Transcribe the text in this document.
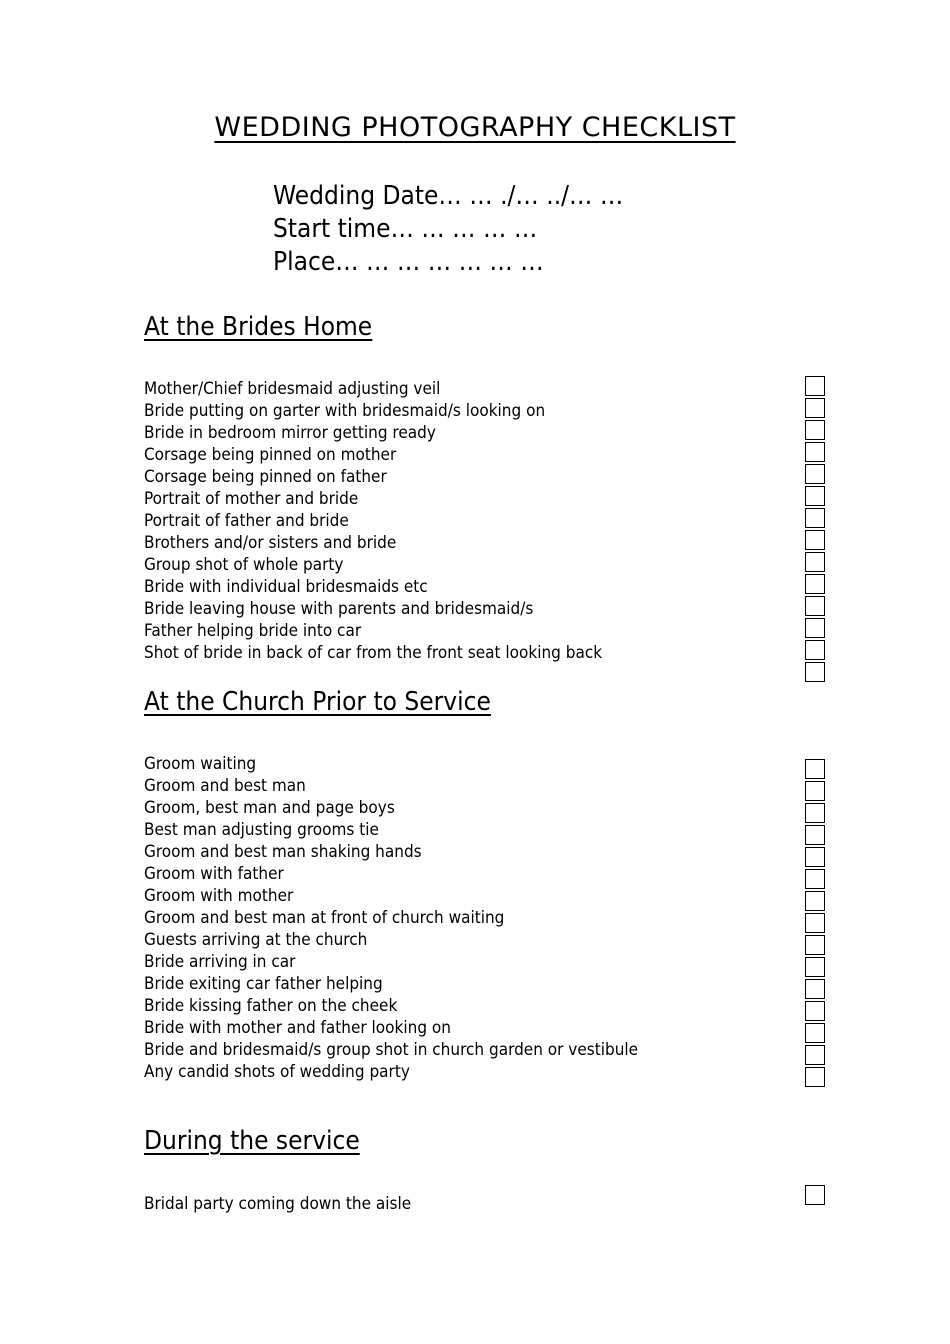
WEDDING PHOTOGRAPHY CHECKLIST
Wedding Date… … ./… ../… …
Start time… … … … …
Place… … … … … … …
At the Brides Home
Mother/Chief bridesmaid adjusting veil
Bride putting on garter with bridesmaid/s looking on
Bride in bedroom mirror getting ready
Corsage being pinned on mother
Corsage being pinned on father
Portrait of mother and bride
Portrait of father and bride
Brothers and/or sisters and bride
Group shot of whole party
Bride with individual bridesmaids etc
Bride leaving house with parents and bridesmaid/s
Father helping bride into car
Shot of bride in back of car from the front seat looking back
At the Church Prior to Service
Groom waiting
Groom and best man
Groom, best man and page boys
Best man adjusting grooms tie
Groom and best man shaking hands
Groom with father
Groom with mother
Groom and best man at front of church waiting
Guests arriving at the church
Bride arriving in car
Bride exiting car father helping
Bride kissing father on the cheek
Bride with mother and father looking on
Bride and bridesmaid/s group shot in church garden or vestibule
Any candid shots of wedding party
During the service
Bridal party coming down the aisle
